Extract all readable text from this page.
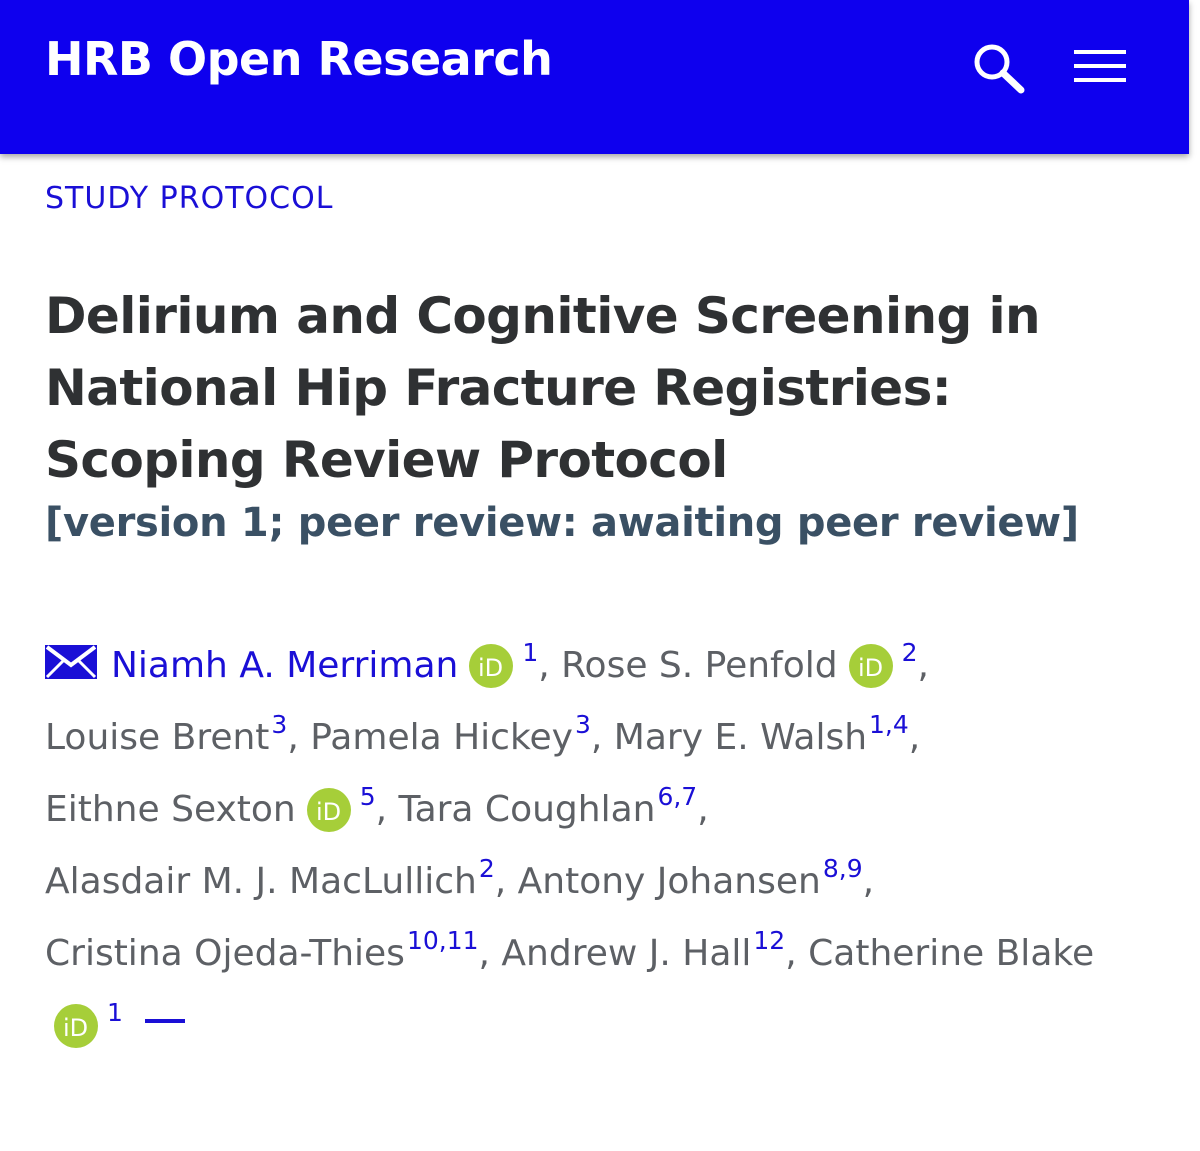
HRB Open Research
STUDY PROTOCOL
Delirium and Cognitive Screening in National Hip Fracture Registries: Scoping Review Protocol
[version 1; peer review: awaiting peer review]
Niamh A. Merriman iD
$^1$, Rose S. Penfold iD
$^2$,
Louise Brent$^3$, Pamela Hickey$^3$, Mary E. Walsh$^{1,4}$,
Eithne Sexton iD
$^5$, Tara Coughlan$^{6,7}$,
Alasdair M. J. MacLullich$^2$, Antony Johansen$^{8,9}$,
Cristina Ojeda-Thies$^{10,11}$, Andrew J. Hall$^{12}$, Catherine Blake
iD
$^1$
